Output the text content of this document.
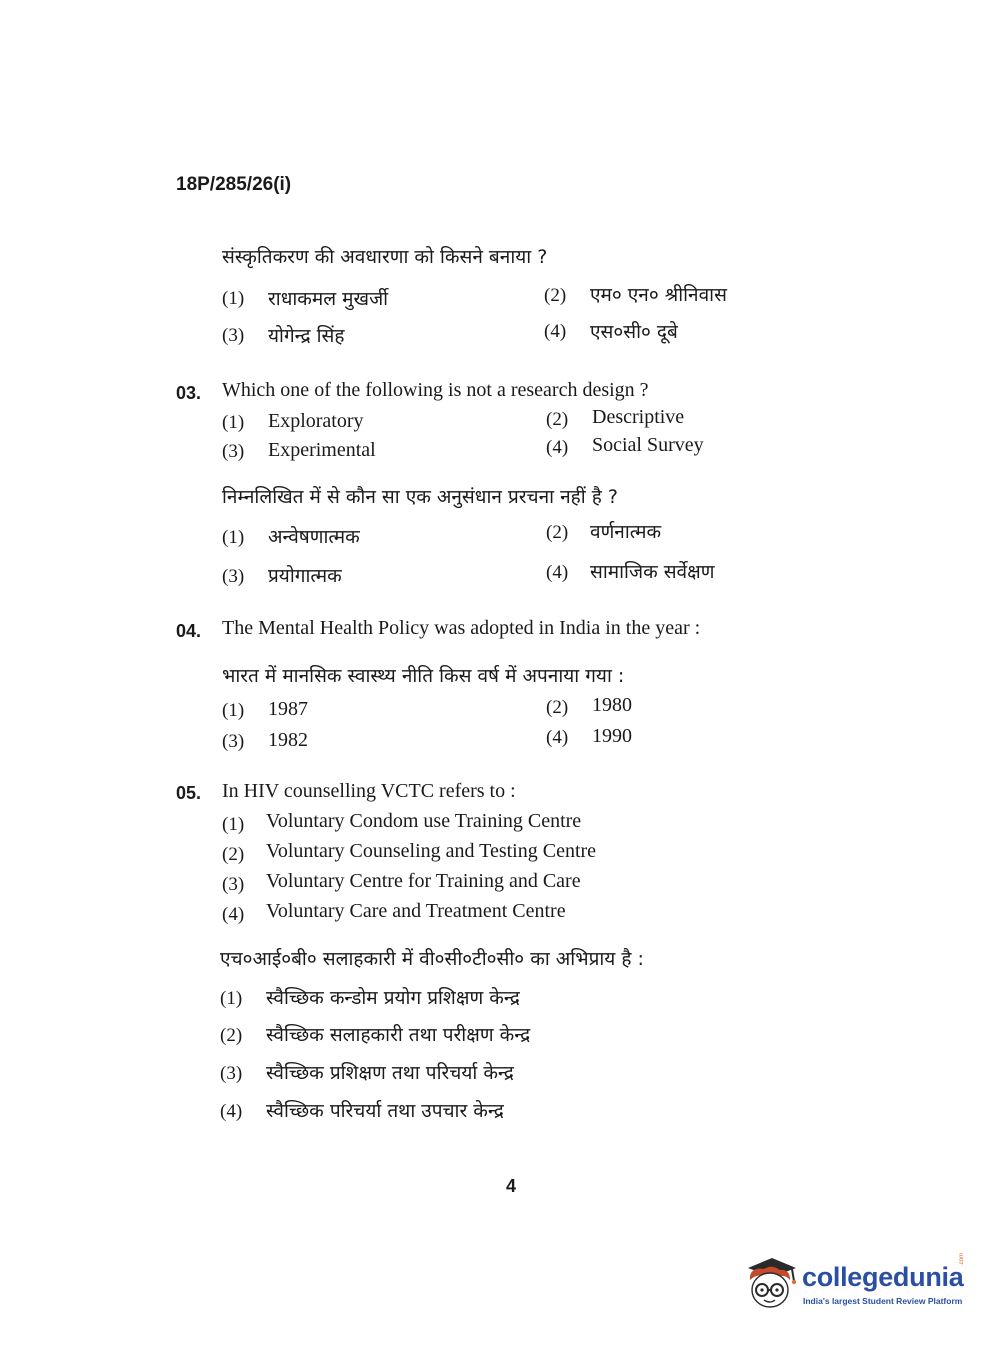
18P/285/26(i)
संस्कृतिकरण की अवधारणा को किसने बनाया ?
(1) राधाकमल मुखर्जी	(2) एम० एन० श्रीनिवास
(3) योगेन्द्र सिंह	(4) एस०सी० दूबे
03. Which one of the following is not a research design ?
(1) Exploratory	(2) Descriptive
(3) Experimental	(4) Social Survey
निम्नलिखित में से कौन सा एक अनुसंधान प्ररचना नहीं है ?
(1) अन्वेषणात्मक	(2) वर्णनात्मक
(3) प्रयोगात्मक	(4) सामाजिक सर्वेक्षण
04. The Mental Health Policy was adopted in India in the year :
भारत में मानसिक स्वास्थ्य नीति किस वर्ष में अपनाया गया :
(1) 1987	(2) 1980
(3) 1982	(4) 1990
05. In HIV counselling VCTC refers to :
(1) Voluntary Condom use Training Centre
(2) Voluntary Counseling and Testing Centre
(3) Voluntary Centre for Training and Care
(4) Voluntary Care and Treatment Centre
एच०आई०बी० सलाहकारी में वी०सी०टी०सी० का अभिप्राय है :
(1) स्वैच्छिक कन्डोम प्रयोग प्रशिक्षण केन्द्र
(2) स्वैच्छिक सलाहकारी तथा परीक्षण केन्द्र
(3) स्वैच्छिक प्रशिक्षण तथा परिचर्या केन्द्र
(4) स्वैच्छिक परिचर्या तथा उपचार केन्द्र
4
collegedunia
.com
India's largest Student Review Platform
